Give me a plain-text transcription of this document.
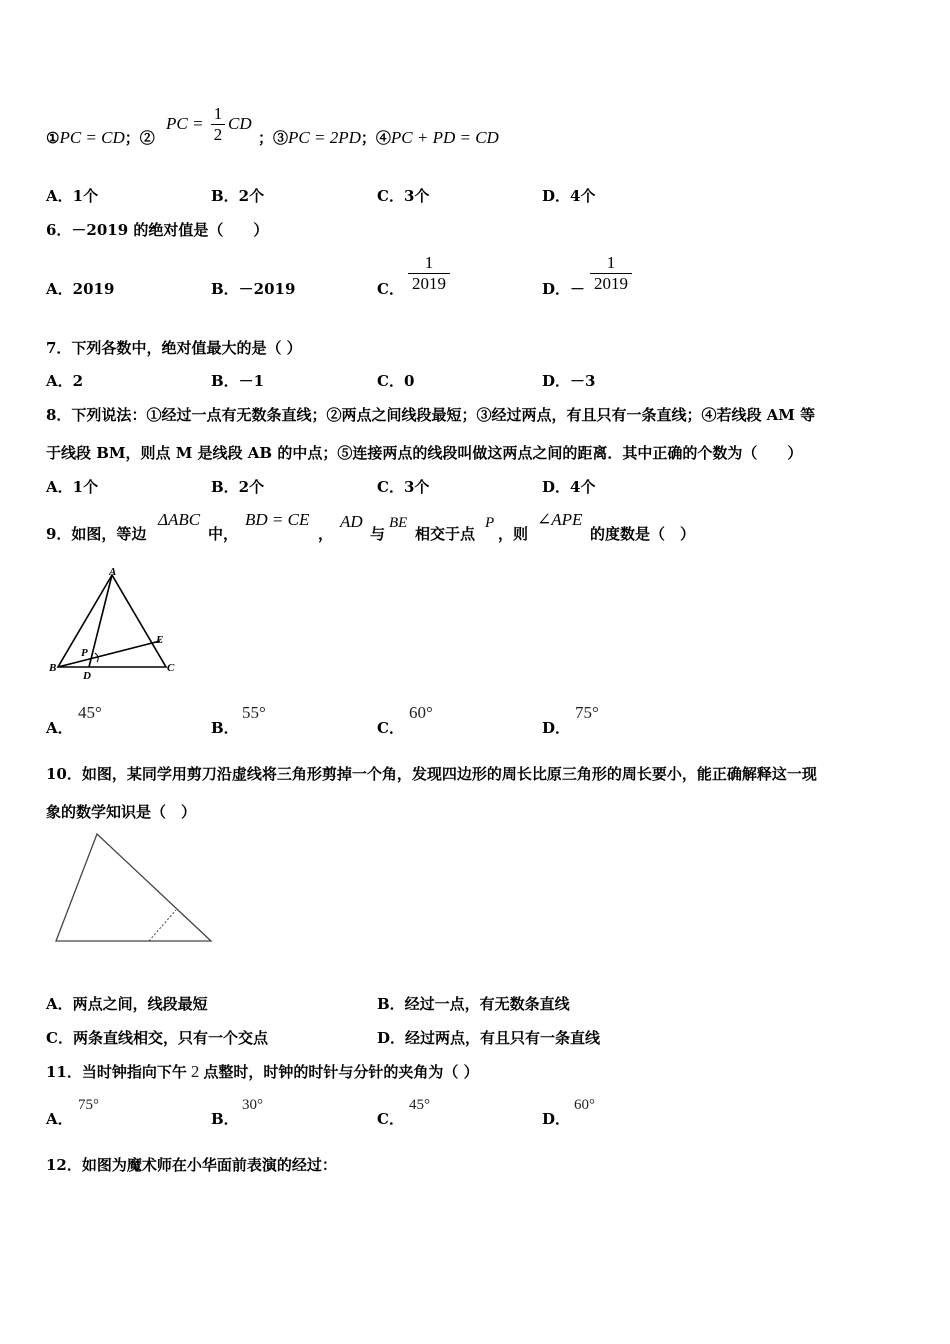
①PC = CD；②
PC =
1
2
CD
；③PC = 2PD；④PC + PD = CD
A．1个	B．2个	C．3个	D．4个
6．－2019 的绝对值是（　　）
A．2019	B．－2019	C．
1
2019	D．－
1
2019
7．下列各数中，绝对值最大的是（ ）
A．2	B．－1	C．0	D．－3
8．下列说法：①经过一点有无数条直线；②两点之间线段最短；③经过两点，有且只有一条直线；④若线段 AM 等
于线段 BM，则点 M 是线段 AB 的中点；⑤连接两点的线段叫做这两点之间的距离．其中正确的个数为（　　）
A．1个	B．2个	C．3个	D．4个
9．如图，等边
ΔABC
中，
BD = CE
，
AD
与
BE
相交于点
P
，则
∠APE
的度数是（　）
A
B	C
D
E
P
A．
45°
B．
55°
C．
60°
D．
75°
10．如图，某同学用剪刀沿虚线将三角形剪掉一个角，发现四边形的周长比原三角形的周长要小，能正确解释这一现
象的数学知识是（　）
A．两点之间，线段最短	B．经过一点，有无数条直线
C．两条直线相交，只有一个交点	D．经过两点，有且只有一条直线
11．当时钟指向下午 2 点整时，时钟的时针与分针的夹角为（ ）
A．
75°
B．
30°
C．
45°
D．
60°
12．如图为魔术师在小华面前表演的经过：
